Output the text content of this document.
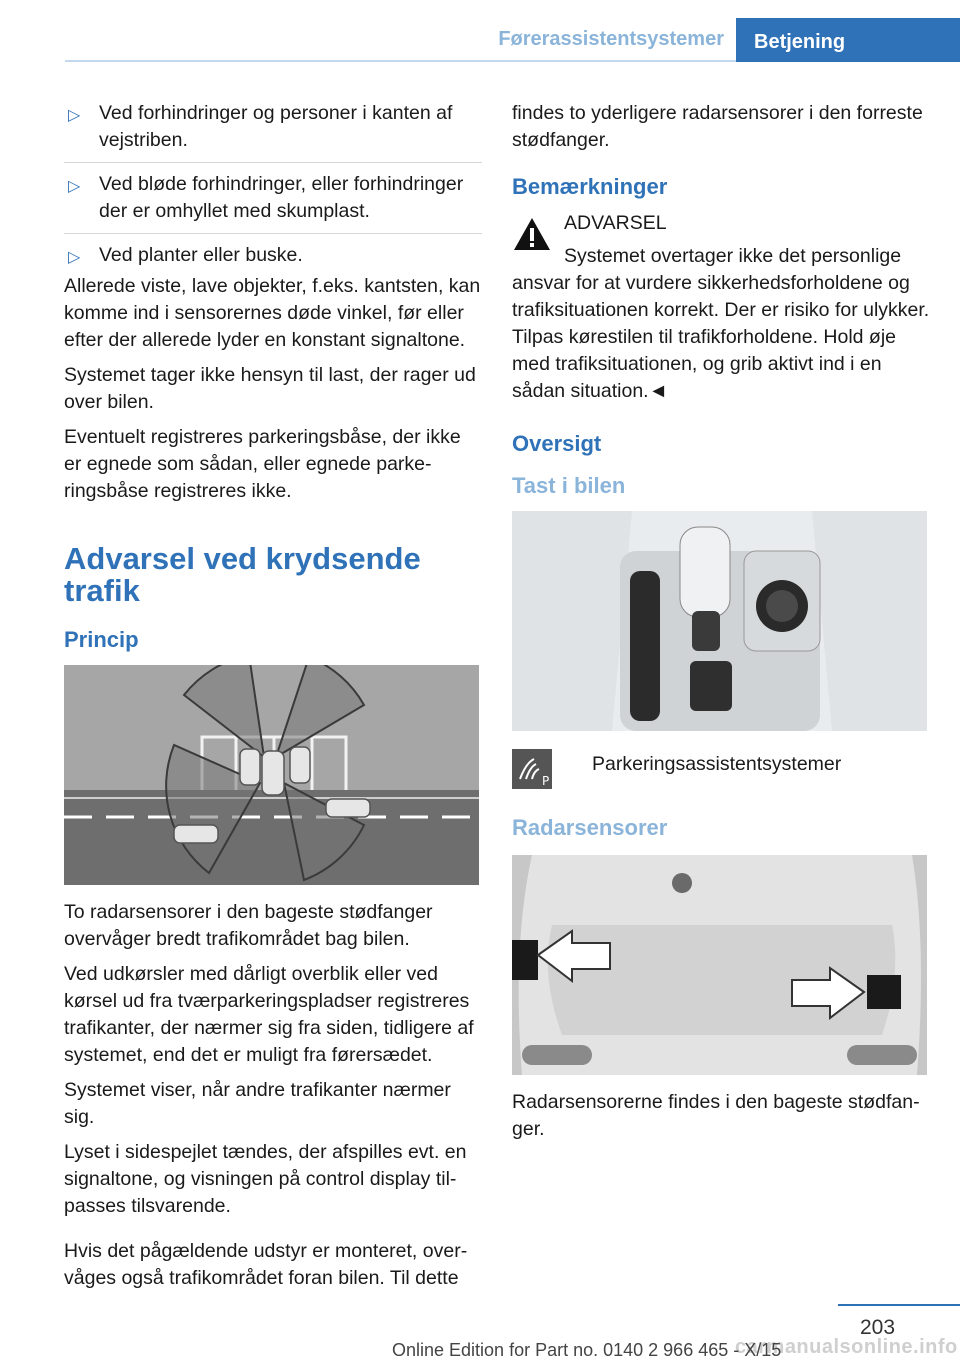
Førerassistentsystemer	Betjening
▷ Ved forhindringer og personer i kanten af vejstriben.
▷ Ved bløde forhindringer, eller forhindringer der er omhyllet med skumplast.
▷ Ved planter eller buske.

Allerede viste, lave objekter, f.eks. kantsten, kan komme ind i sensorernes døde vinkel, før eller efter der allerede lyder en konstant signaltone.

Systemet tager ikke hensyn til last, der rager ud over bilen.

Eventuelt registreres parkeringsbåse, der ikke er egnede som sådan, eller egnede parkeringsbåse registreres ikke.

Advarsel ved krydsende trafik
Princip

To radarsensorer i den bageste stødfanger overvåger bredt trafikområdet bag bilen.

Ved udkørsler med dårligt overblik eller ved kørsel ud fra tværparkeringspladser registreres trafikanter, der nærmer sig fra siden, tidligere af systemet, end det er muligt fra førersædet.

Systemet viser, når andre trafikanter nærmer sig.

Lyset i sidespejlet tændes, der afspilles evt. en signaltone, og visningen på control display tilpasses tilsvarende.

Hvis det pågældende udstyr er monteret, overvåges også trafikområdet foran bilen. Til dette

findes to yderligere radarsensorer i den forreste stødfanger.

Bemærkninger

ADVARSEL

Systemet overtager ikke det personlige

ansvar for at vurdere sikkerhedsforholdene og trafiksituationen korrekt. Der er risiko for ulykker. Tilpas kørestilen til trafikforholdene. Hold øje med trafiksituationen, og grib aktivt ind i en sådan situation.◄

Oversigt
Tast i bilen
P

Parkeringsassistentsystemer

Radarsensorer

Radarsensorerne findes i den bageste stødfanger.

203
carmanualsonline.info
Online Edition for Part no. 0140 2 966 465 - X/15
